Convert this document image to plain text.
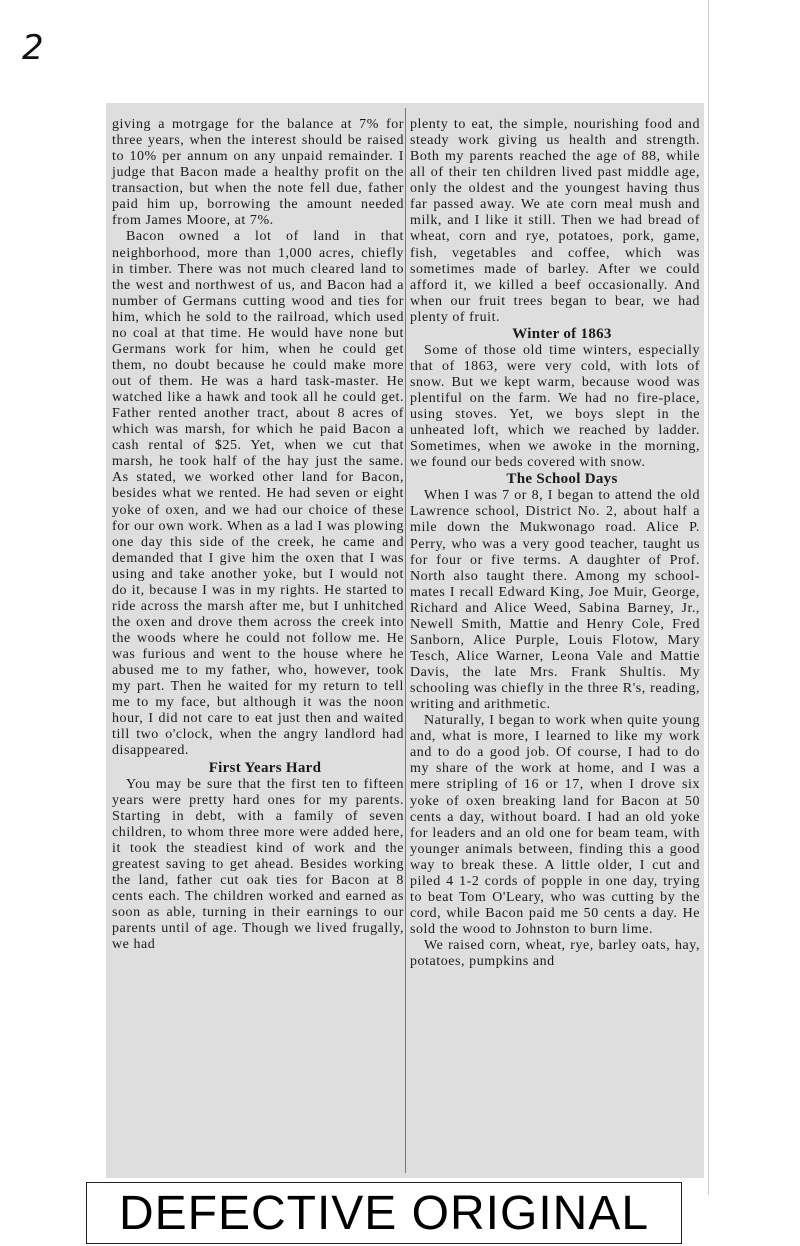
2

giving a motrgage for the balance at 7% for three years, when the interest should be raised to 10% per annum on any unpaid remainder. I judge that Bacon made a healthy profit on the transaction, but when the note fell due, father paid him up, borrowing the amount needed from James Moore, at 7%.

Bacon owned a lot of land in that neighborhood, more than 1,000 acres, chiefly in timber. There was not much cleared land to the west and northwest of us, and Bacon had a number of Germans cutting wood and ties for him, which he sold to the railroad, which used no coal at that time. He would have none but Germans work for him, when he could get them, no doubt because he could make more out of them. He was a hard task-master. He watched like a hawk and took all he could get. Father rented another tract, about 8 acres of which was marsh, for which he paid Bacon a cash rental of $25. Yet, when we cut that marsh, he took half of the hay just the same. As stated, we worked other land for Bacon, besides what we rented. He had seven or eight yoke of oxen, and we had our choice of these for our own work. When as a lad I was plowing one day this side of the creek, he came and demanded that I give him the oxen that I was using and take another yoke, but I would not do it, because I was in my rights. He started to ride across the marsh after me, but I unhitched the oxen and drove them across the creek into the woods where he could not follow me. He was furious and went to the house where he abused me to my father, who, however, took my part. Then he waited for my return to tell me to my face, but although it was the noon hour, I did not care to eat just then and waited till two o'clock, when the angry landlord had disappeared.

First Years Hard

You may be sure that the first ten to fifteen years were pretty hard ones for my parents. Starting in debt, with a family of seven children, to whom three more were added here, it took the steadiest kind of work and the greatest saving to get ahead. Besides working the land, father cut oak ties for Bacon at 8 cents each. The children worked and earned as soon as able, turning in their earnings to our parents until of age. Though we lived frugally, we had

plenty to eat, the simple, nourishing food and steady work giving us health and strength. Both my parents reached the age of 88, while all of their ten children lived past middle age, only the oldest and the youngest having thus far passed away. We ate corn meal mush and milk, and I like it still. Then we had bread of wheat, corn and rye, potatoes, pork, game, fish, vegetables and coffee, which was sometimes made of barley. After we could afford it, we killed a beef occasionally. And when our fruit trees began to bear, we had plenty of fruit.

Winter of 1863

Some of those old time winters, especially that of 1863, were very cold, with lots of snow. But we kept warm, because wood was plentiful on the farm. We had no fire-place, using stoves. Yet, we boys slept in the unheated loft, which we reached by ladder. Sometimes, when we awoke in the morning, we found our beds covered with snow.

The School Days

When I was 7 or 8, I began to attend the old Lawrence school, District No. 2, about half a mile down the Mukwonago road. Alice P. Perry, who was a very good teacher, taught us for four or five terms. A daughter of Prof. North also taught there. Among my school-mates I recall Edward King, Joe Muir, George, Richard and Alice Weed, Sabina Barney, Jr., Newell Smith, Mattie and Henry Cole, Fred Sanborn, Alice Purple, Louis Flotow, Mary Tesch, Alice Warner, Leona Vale and Mattie Davis, the late Mrs. Frank Shultis. My schooling was chiefly in the three R's, reading, writing and arithmetic.

Naturally, I began to work when quite young and, what is more, I learned to like my work and to do a good job. Of course, I had to do my share of the work at home, and I was a mere stripling of 16 or 17, when I drove six yoke of oxen breaking land for Bacon at 50 cents a day, without board. I had an old yoke for leaders and an old one for beam team, with younger animals between, finding this a good way to break these. A little older, I cut and piled 4 1-2 cords of popple in one day, trying to beat Tom O'Leary, who was cutting by the cord, while Bacon paid me 50 cents a day. He sold the wood to Johnston to burn lime.

We raised corn, wheat, rye, barley oats, hay, potatoes, pumpkins and

DEFECTIVE ORIGINAL
